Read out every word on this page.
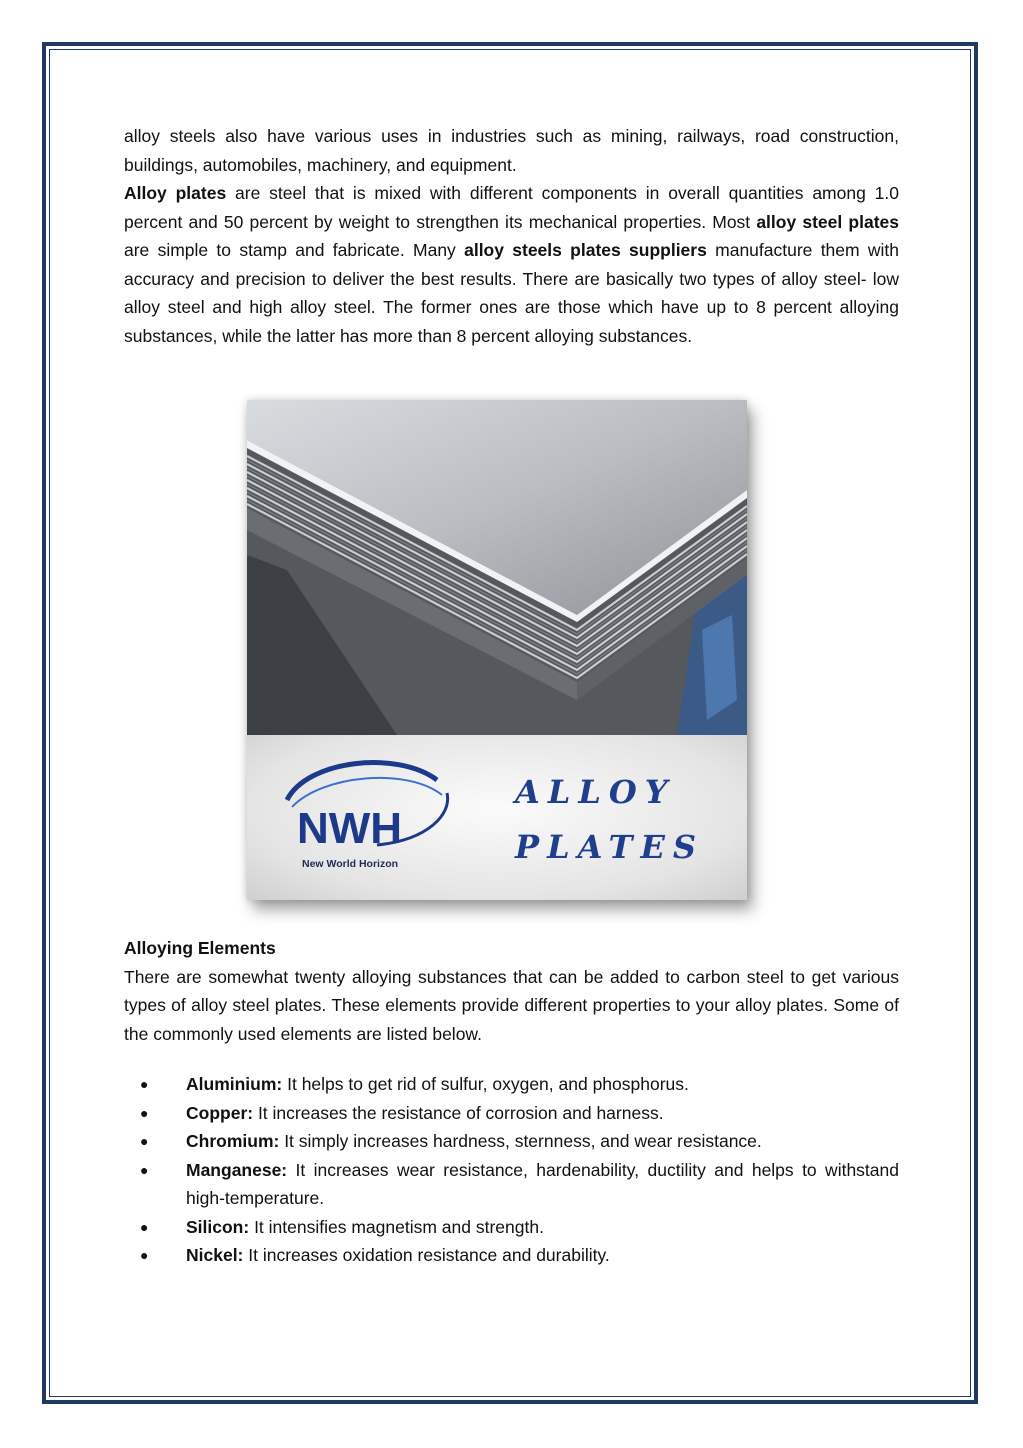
alloy steels also have various uses in industries such as mining, railways, road construction, buildings, automobiles, machinery, and equipment.

Alloy plates are steel that is mixed with different components in overall quantities among 1.0 percent and 50 percent by weight to strengthen its mechanical properties. Most alloy steel plates are simple to stamp and fabricate. Many alloy steels plates suppliers manufacture them with accuracy and precision to deliver the best results. There are basically two types of alloy steel- low alloy steel and high alloy steel. The former ones are those which have up to 8 percent alloying substances, while the latter has more than 8 percent alloying substances.

NWH
New World Horizon
ALLOY
PLATES

Alloying Elements

There are somewhat twenty alloying substances that can be added to carbon steel to get various types of alloy steel plates. These elements provide different properties to your alloy plates. Some of the commonly used elements are listed below.

● Aluminium: It helps to get rid of sulfur, oxygen, and phosphorus.
● Copper: It increases the resistance of corrosion and harness.
● Chromium: It simply increases hardness, sternness, and wear resistance.
● Manganese: It increases wear resistance, hardenability, ductility and helps to withstand high-temperature.
● Silicon: It intensifies magnetism and strength.
● Nickel: It increases oxidation resistance and durability.
